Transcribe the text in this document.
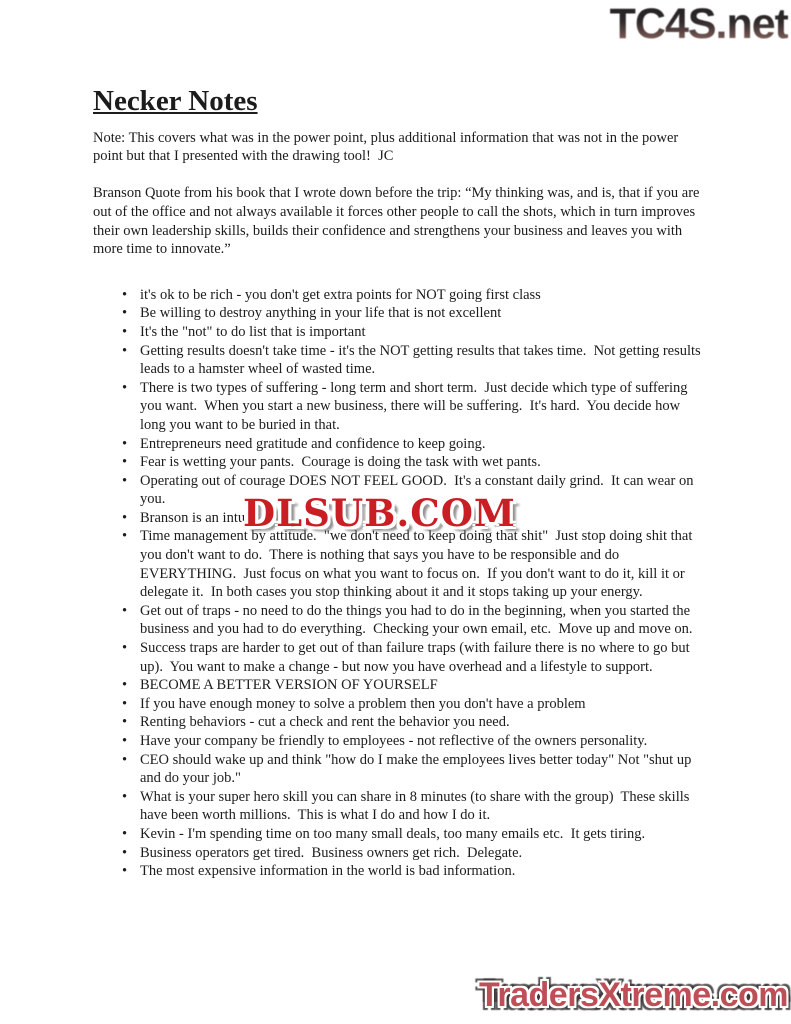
Necker Notes

Note: This covers what was in the power point, plus additional information that was not in the power point but that I presented with the drawing tool!  JC

Branson Quote from his book that I wrote down before the trip: “My thinking was, and is, that if you are out of the office and not always available it forces other people to call the shots, which in turn improves their own leadership skills, builds their confidence and strengthens your business and leaves you with more time to innovate.”

• it's ok to be rich - you don't get extra points for NOT going first class
• Be willing to destroy anything in your life that is not excellent
• It's the "not" to do list that is important
• Getting results doesn't take time - it's the NOT getting results that takes time.  Not getting results leads to a hamster wheel of wasted time.
• There is two types of suffering - long term and short term.  Just decide which type of suffering you want.  When you start a new business, there will be suffering.  It's hard.  You decide how long you want to be buried in that.
• Entrepreneurs need gratitude and confidence to keep going.
• Fear is wetting your pants.  Courage is doing the task with wet pants.
• Operating out of courage DOES NOT FEEL GOOD.  It's a constant daily grind.  It can wear on you.
• Branson is an intuit
• Time management by attitude.  "we don't need to keep doing that shit"  Just stop doing shit that you don't want to do.  There is nothing that says you have to be responsible and do EVERYTHING.  Just focus on what you want to focus on.  If you don't want to do it, kill it or delegate it.  In both cases you stop thinking about it and it stops taking up your energy.
• Get out of traps - no need to do the things you had to do in the beginning, when you started the business and you had to do everything.  Checking your own email, etc.  Move up and move on.
• Success traps are harder to get out of than failure traps (with failure there is no where to go but up).  You want to make a change - but now you have overhead and a lifestyle to support.
• BECOME A BETTER VERSION OF YOURSELF
• If you have enough money to solve a problem then you don't have a problem
• Renting behaviors - cut a check and rent the behavior you need.
• Have your company be friendly to employees - not reflective of the owners personality.
• CEO should wake up and think "how do I make the employees lives better today" Not "shut up and do your job."
• What is your super hero skill you can share in 8 minutes (to share with the group)  These skills have been worth millions.  This is what I do and how I do it.
• Kevin - I'm spending time on too many small deals, too many emails etc.  It gets tiring.
• Business operators get tired.  Business owners get rich.  Delegate.
• The most expensive information in the world is bad information.
TC4S.net
DLSUB.COM
TradersXtreme.com
